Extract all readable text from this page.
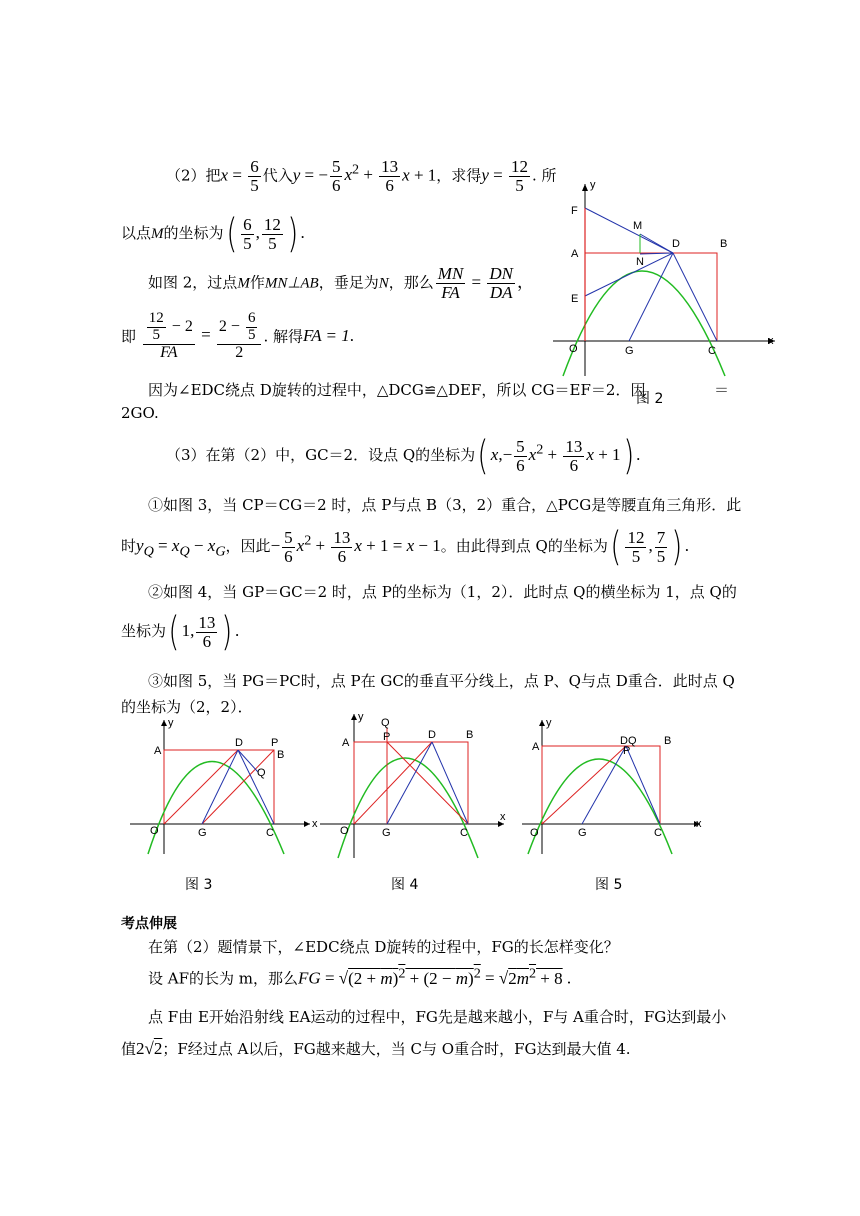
（2）把$x = \frac{6}{5}$ 代入y = − $\frac{5}{6} x^2 + \frac{13}{6}$ x + 1，求得$y = \frac{12}{5}$ . 所
以点M的坐标为( $\frac{6}{5}$ , $\frac{12}{5}$ ) .
如图 2，过点M作MN⊥AB，垂足为N，那么 $\frac{MN}{FA} = \frac{DN}{DA}$ ，
即 $\frac{\frac{12}{5} - 2}{FA} = \frac{2 - \frac{6}{5}}{2}$ . 解得FA = 1.
因为∠EDC绕点 D旋转的过程中，△DCG≌△DEF，所以 CG＝EF＝2．因	＝
2GO.
y
x
F
A
E
O
M
N
D	B
G	C
图 2
（3）在第（2）中，GC＝2．设点 Q的坐标为( $x,- \frac{5}{6} x^2 + \frac{13}{6}$ x + 1) .
①如图 3，当 CP＝CG＝2 时，点 P与点 B（3，2）重合，△PCG是等腰直角三角形．此
时$y_Q = x_Q - x_G$，因此− $\frac{5}{6} x^2 + \frac{13}{6}$ x + 1 = x − 1。由此得到点 Q的坐标为( $\frac{12}{5}$ , $\frac{7}{5}$ ) .
②如图 4，当 GP＝GC＝2 时，点 P的坐标为（1，2）．此时点 Q的横坐标为 1，点 Q的
坐标为( 1, $\frac{13}{6}$ ) .
③如图 5，当 PG＝PC时，点 P在 GC的垂直平分线上，点 P、Q与点 D重合．此时点 Q
的坐标为（2，2）．
y
x
A
O
D	P
B
Q
G	C
y
x
A
O
Q
P	D	B
G	C
y
x
A
O
DQ
P
B
G	C
图 3	图 4	图 5
考点伸展
在第（2）题情景下，∠EDC绕点 D旋转的过程中，FG的长怎样变化？
设 AF的长为 m，那么FG = $√(2 + m)^2 + (2 - m)^2 = √2m^2 + 8$ .
点 F由 E开始沿射线 EA运动的过程中，FG先是越来越小，F与 A重合时，FG达到最小
值2√2；F经过点 A以后，FG越来越大，当 C与 O重合时，FG达到最大值 4.
